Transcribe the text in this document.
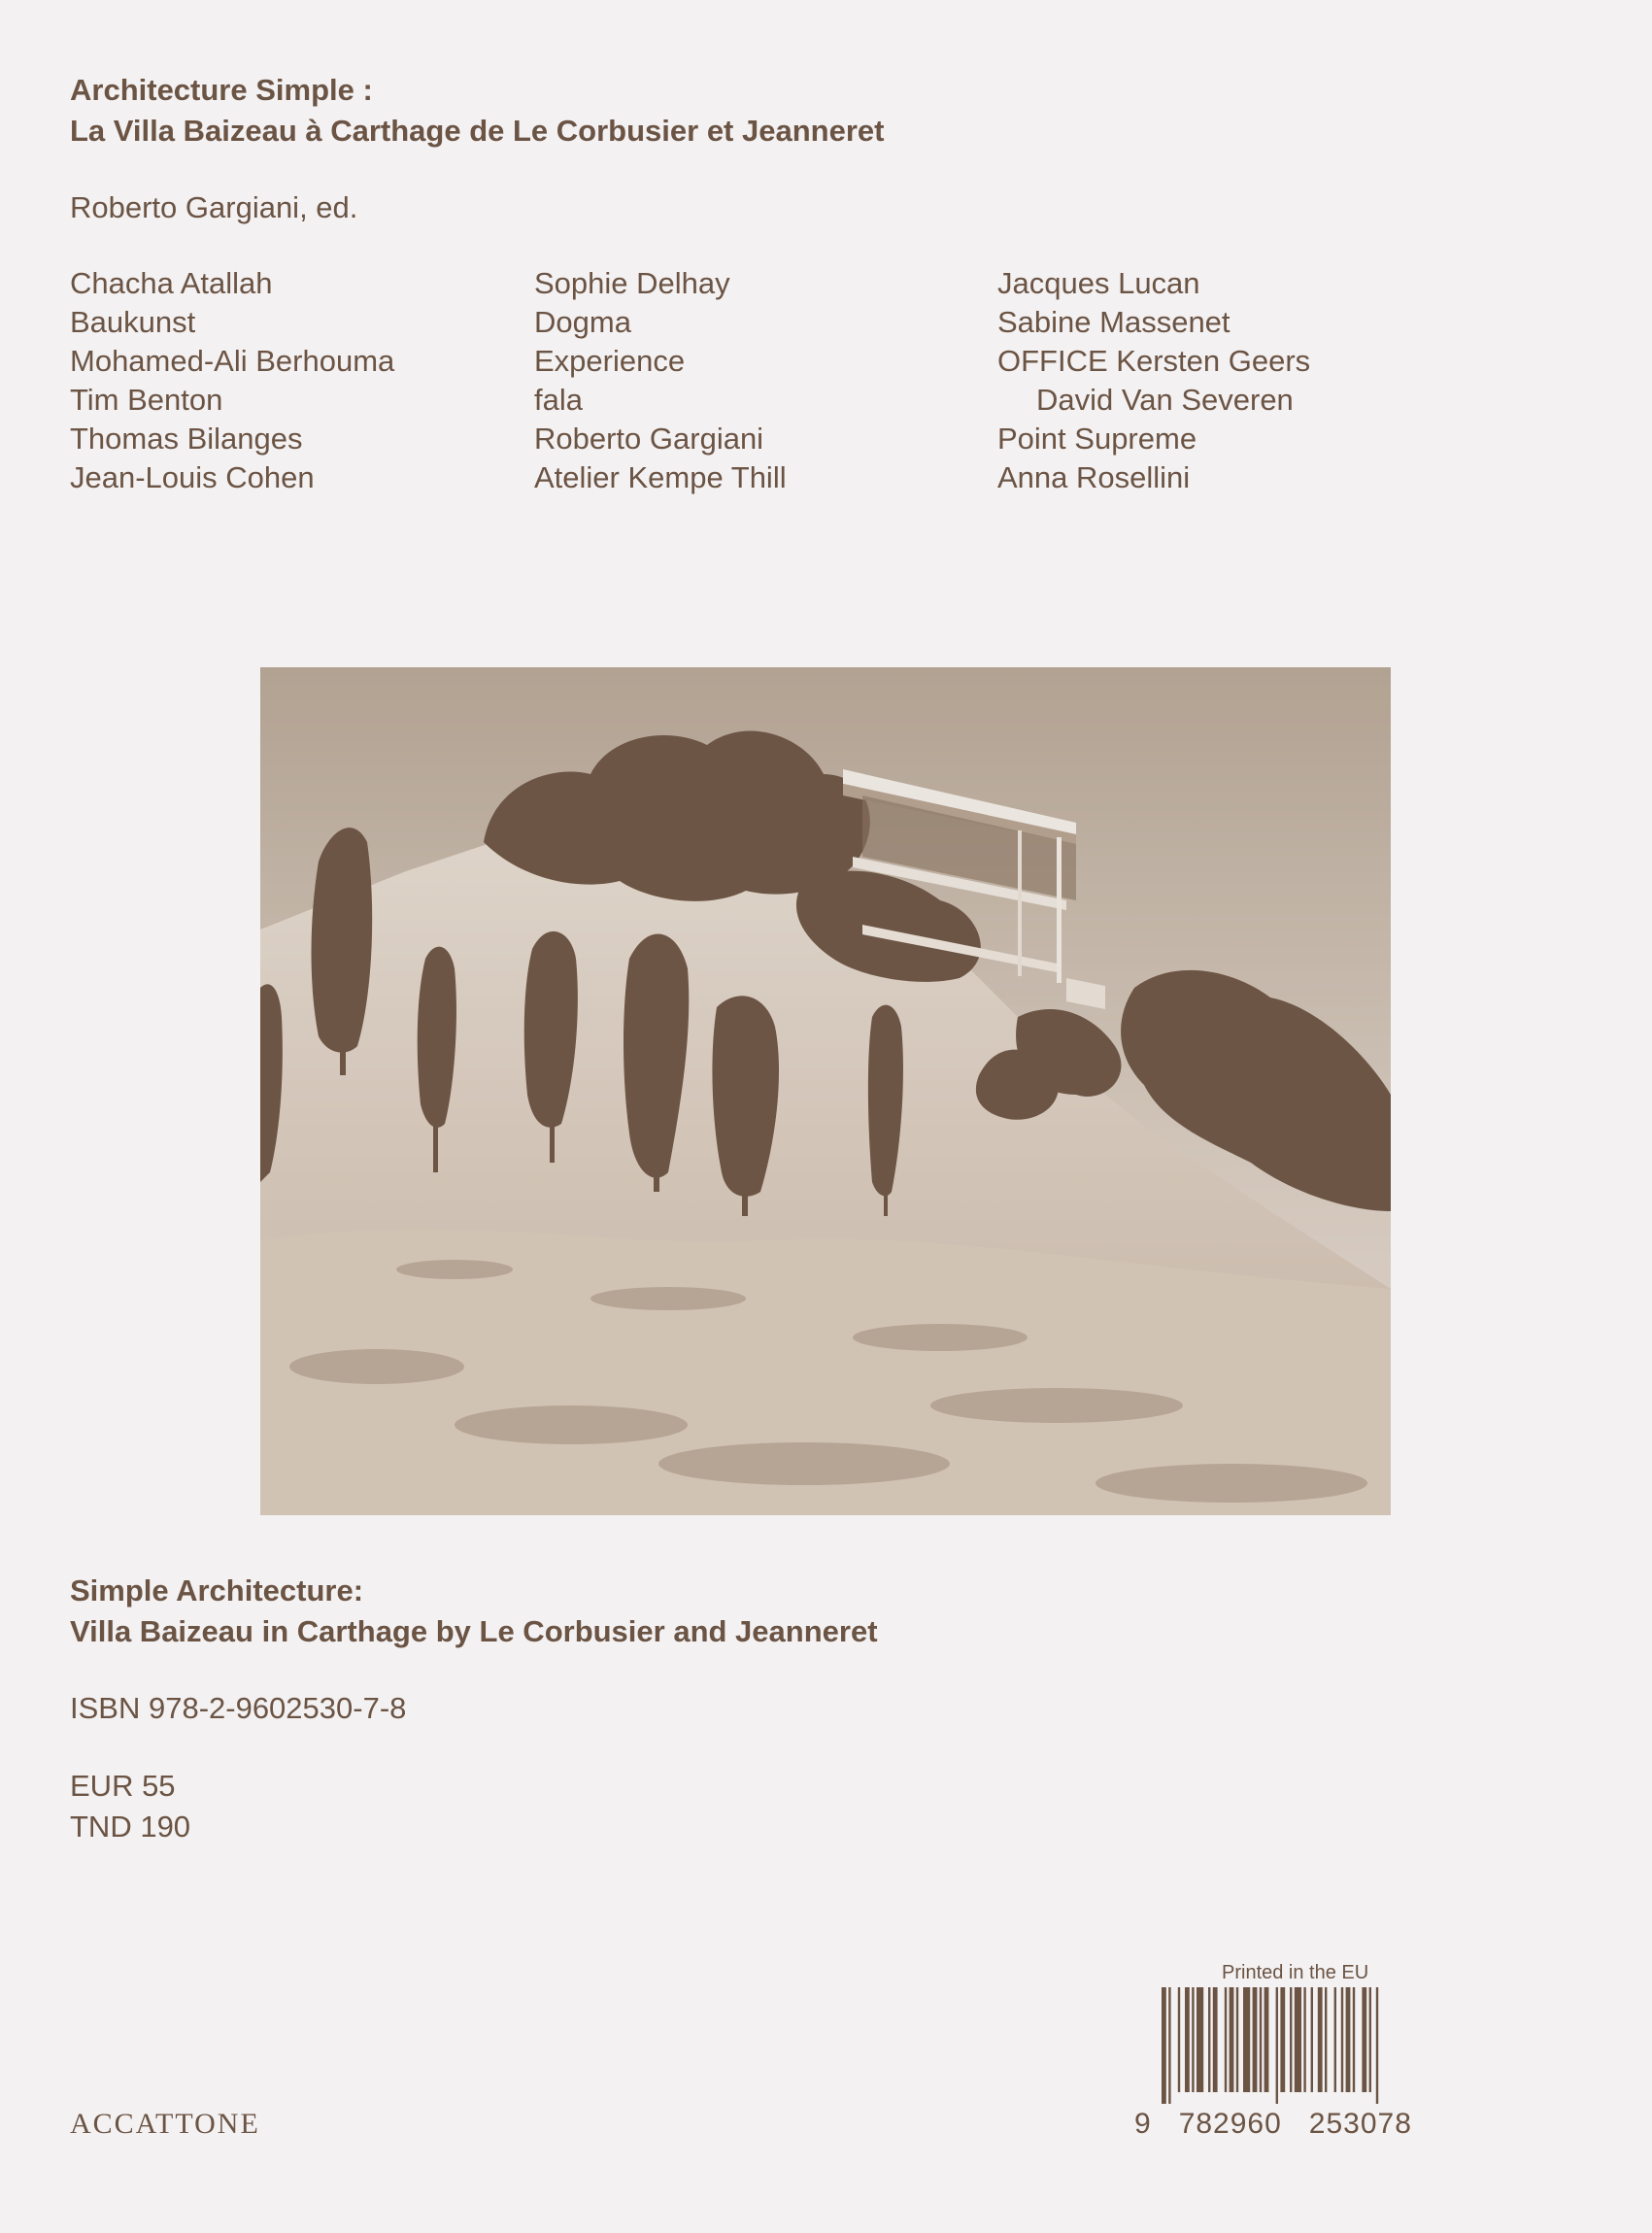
Architecture Simple :
La Villa Baizeau à Carthage de Le Corbusier et Jeanneret
Roberto Gargiani, ed.
Chacha Atallah
Baukunst
Mohamed-Ali Berhouma
Tim Benton
Thomas Bilanges
Jean-Louis Cohen
Sophie Delhay
Dogma
Experience
fala
Roberto Gargiani
Atelier Kempe Thill
Jacques Lucan
Sabine Massenet
OFFICE Kersten Geers
David Van Severen
Point Supreme
Anna Rosellini
Simple Architecture:
Villa Baizeau in Carthage by Le Corbusier and Jeanneret
ISBN 978-2-9602530-7-8
EUR 55
TND 190
ACCATTONE
Printed in the EU
9   782960   253078
